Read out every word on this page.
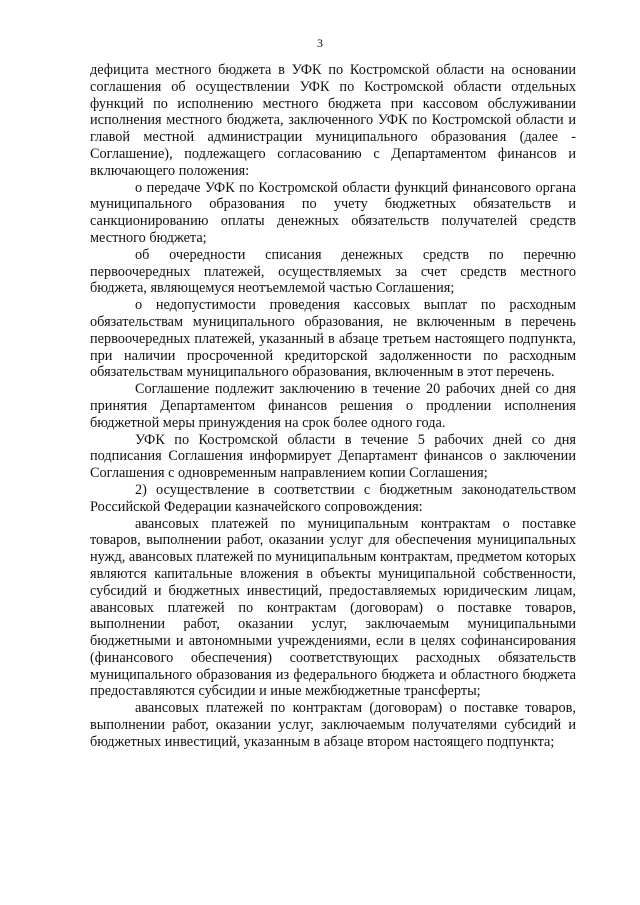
3

дефицита местного бюджета в УФК по Костромской области на основании соглашения об осуществлении УФК по Костромской области отдельных функций по исполнению местного бюджета при кассовом обслуживании исполнения местного бюджета, заключенного УФК по Костромской области и главой местной администрации муниципального образования (далее - Соглашение), подлежащего согласованию с Департаментом финансов и включающего положения:

о передаче УФК по Костромской области функций финансового органа муниципального образования по учету бюджетных обязательств и санкционированию оплаты денежных обязательств получателей средств местного бюджета;

об очередности списания денежных средств по перечню первоочередных платежей, осуществляемых за счет средств местного бюджета, являющемуся неотъемлемой частью Соглашения;

о недопустимости проведения кассовых выплат по расходным обязательствам муниципального образования, не включенным в перечень первоочередных платежей, указанный в абзаце третьем настоящего подпункта, при наличии просроченной кредиторской задолженности по расходным обязательствам муниципального образования, включенным в этот перечень.

Соглашение подлежит заключению в течение 20 рабочих дней со дня принятия Департаментом финансов решения о продлении исполнения бюджетной меры принуждения на срок более одного года.

УФК по Костромской области в течение 5 рабочих дней со дня подписания Соглашения информирует Департамент финансов о заключении Соглашения с одновременным направлением копии Соглашения;

2) осуществление в соответствии с бюджетным законодательством Российской Федерации казначейского сопровождения:

авансовых платежей по муниципальным контрактам о поставке товаров, выполнении работ, оказании услуг для обеспечения муниципальных нужд, авансовых платежей по муниципальным контрактам, предметом которых являются капитальные вложения в объекты муниципальной собственности, субсидий и бюджетных инвестиций, предоставляемых юридическим лицам, авансовых платежей по контрактам (договорам) о поставке товаров, выполнении работ, оказании услуг, заключаемым муниципальными бюджетными и автономными учреждениями, если в целях софинансирования (финансового обеспечения) соответствующих расходных обязательств муниципального образования из федерального бюджета и областного бюджета предоставляются субсидии и иные межбюджетные трансферты;

авансовых платежей по контрактам (договорам) о поставке товаров, выполнении работ, оказании услуг, заключаемым получателями субсидий и бюджетных инвестиций, указанным в абзаце втором настоящего подпункта;
